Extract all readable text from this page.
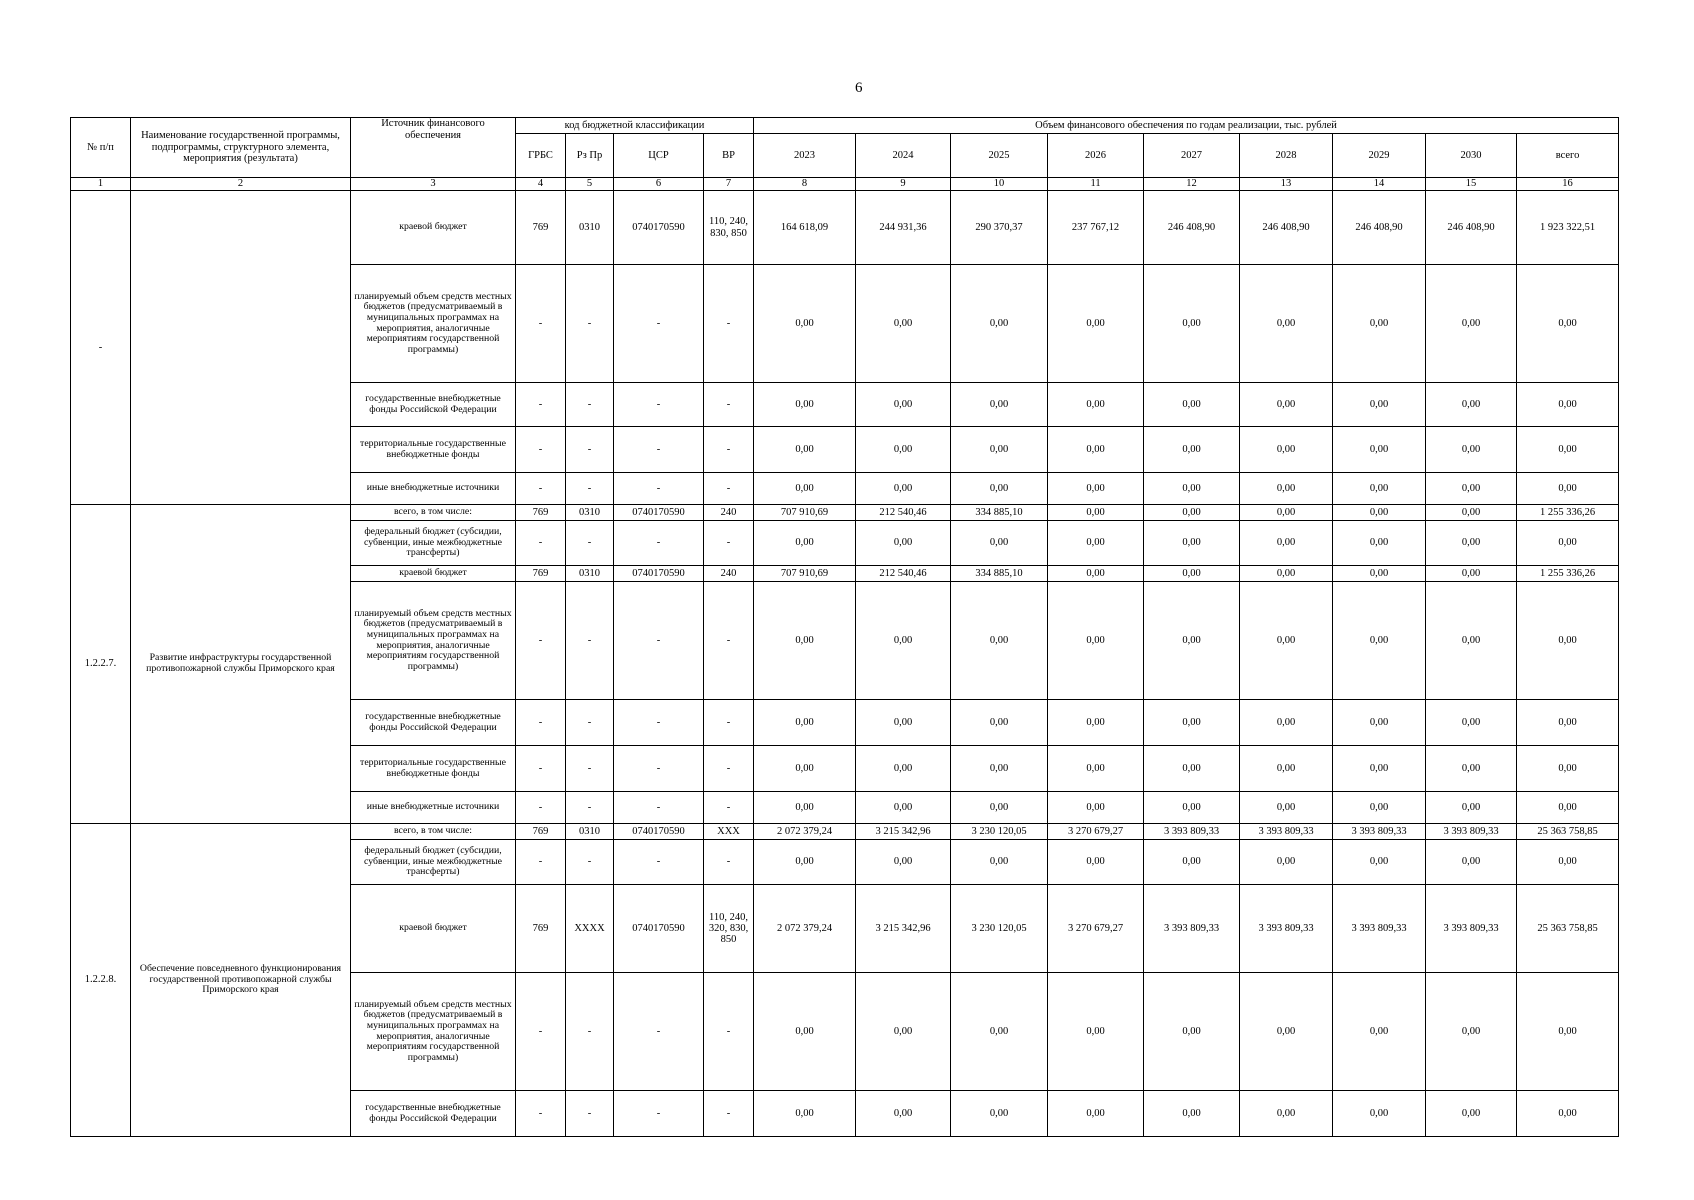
6
№ п/п	Наименование государственной программы, подпрограммы, структурного элемента, мероприятия (результата)	Источник финансового обеспечения	код бюджетной классификации				Объем финансового обеспечения по годам реализации, тыс. рублей								
			ГРБС	Рз Пр	ЦСР	ВР	2023	2024	2025	2026	2027	2028	2029	2030	всего
1	2	3	4	5	6	7	8	9	10	11	12	13	14	15	16
-		краевой бюджет	769	0310	0740170590	110, 240, 830, 850	164 618,09	244 931,36	290 370,37	237 767,12	246 408,90	246 408,90	246 408,90	246 408,90	1 923 322,51
		планируемый объем средств местных бюджетов (предусматриваемый в муниципальных программах на мероприятия, аналогичные мероприятиям государственной программы)	-	-	-	-	0,00	0,00	0,00	0,00	0,00	0,00	0,00	0,00	0,00
		государственные внебюджетные фонды Российской Федерации	-	-	-	-	0,00	0,00	0,00	0,00	0,00	0,00	0,00	0,00	0,00
		территориальные государственные внебюджетные фонды	-	-	-	-	0,00	0,00	0,00	0,00	0,00	0,00	0,00	0,00	0,00
		иные внебюджетные источники	-	-	-	-	0,00	0,00	0,00	0,00	0,00	0,00	0,00	0,00	0,00
1.2.2.7.	Развитие инфраструктуры государственной противопожарной службы Приморского края	всего, в том числе:	769	0310	0740170590	240	707 910,69	212 540,46	334 885,10	0,00	0,00	0,00	0,00	0,00	1 255 336,26
		федеральный бюджет (субсидии, субвенции, иные межбюджетные трансферты)	-	-	-	-	0,00	0,00	0,00	0,00	0,00	0,00	0,00	0,00	0,00
		краевой бюджет	769	0310	0740170590	240	707 910,69	212 540,46	334 885,10	0,00	0,00	0,00	0,00	0,00	1 255 336,26
		планируемый объем средств местных бюджетов (предусматриваемый в муниципальных программах на мероприятия, аналогичные мероприятиям государственной программы)	-	-	-	-	0,00	0,00	0,00	0,00	0,00	0,00	0,00	0,00	0,00
		государственные внебюджетные фонды Российской Федерации	-	-	-	-	0,00	0,00	0,00	0,00	0,00	0,00	0,00	0,00	0,00
		территориальные государственные внебюджетные фонды	-	-	-	-	0,00	0,00	0,00	0,00	0,00	0,00	0,00	0,00	0,00
		иные внебюджетные источники	-	-	-	-	0,00	0,00	0,00	0,00	0,00	0,00	0,00	0,00	0,00
1.2.2.8.	Обеспечение повседневного функционирования государственной противопожарной службы Приморского края	всего, в том числе:	769	0310	0740170590	ХХХ	2 072 379,24	3 215 342,96	3 230 120,05	3 270 679,27	3 393 809,33	3 393 809,33	3 393 809,33	3 393 809,33	25 363 758,85
		федеральный бюджет (субсидии, субвенции, иные межбюджетные трансферты)	-	-	-	-	0,00	0,00	0,00	0,00	0,00	0,00	0,00	0,00	0,00
		краевой бюджет	769	ХХХХ	0740170590	110, 240, 320, 830, 850	2 072 379,24	3 215 342,96	3 230 120,05	3 270 679,27	3 393 809,33	3 393 809,33	3 393 809,33	3 393 809,33	25 363 758,85
		планируемый объем средств местных бюджетов (предусматриваемый в муниципальных программах на мероприятия, аналогичные мероприятиям государственной программы)	-	-	-	-	0,00	0,00	0,00	0,00	0,00	0,00	0,00	0,00	0,00
		государственные внебюджетные фонды Российской Федерации	-	-	-	-	0,00	0,00	0,00	0,00	0,00	0,00	0,00	0,00	0,00
